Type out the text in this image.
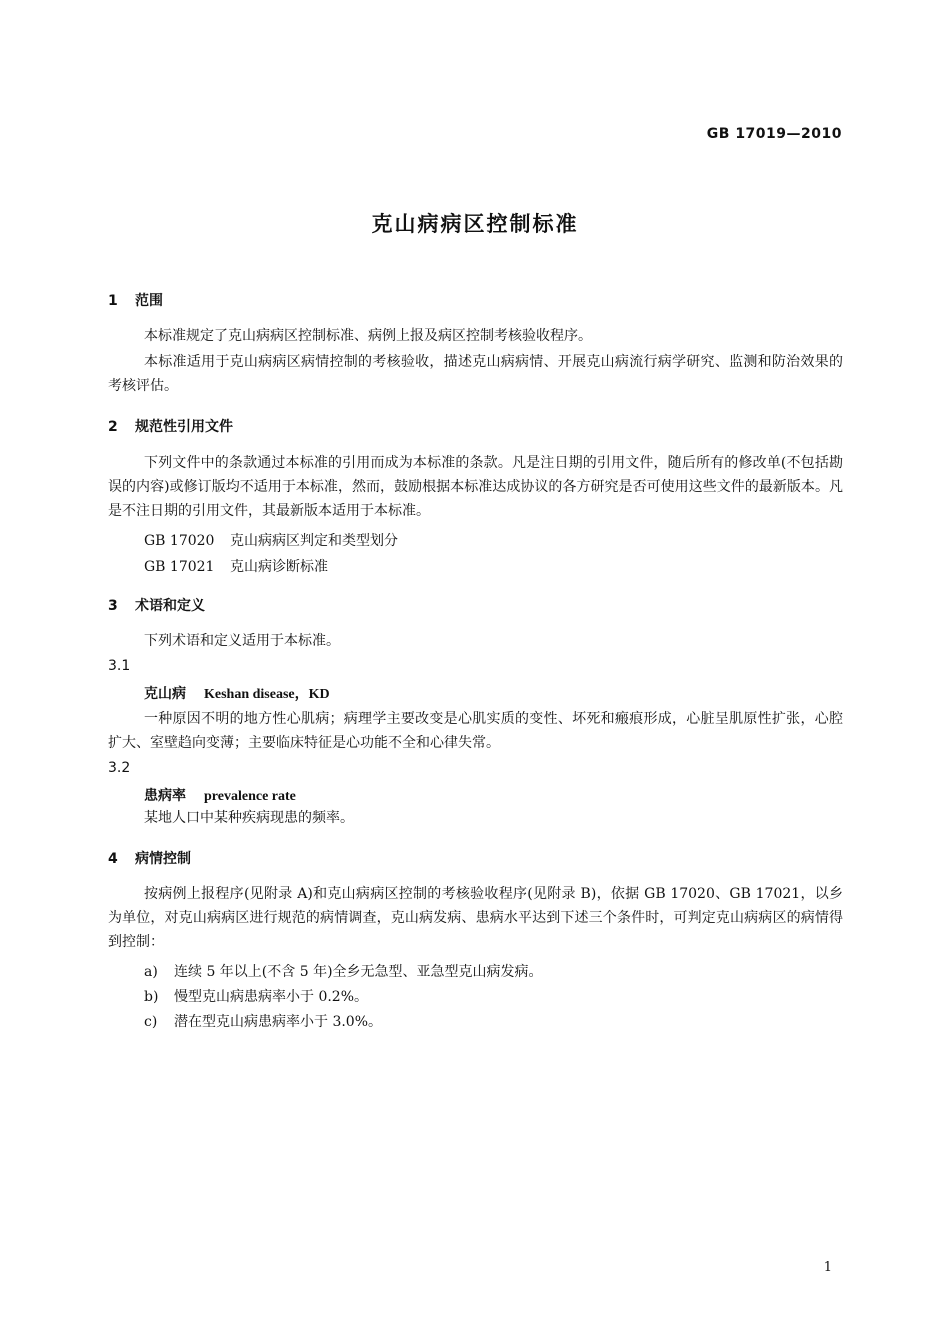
GB 17019—2010
克山病病区控制标准
1 范围
本标准规定了克山病病区控制标准、病例上报及病区控制考核验收程序。
本标准适用于克山病病区病情控制的考核验收，描述克山病病情、开展克山病流行病学研究、监测和防治效果的考核评估。
2 规范性引用文件
下列文件中的条款通过本标准的引用而成为本标准的条款。凡是注日期的引用文件，随后所有的修改单(不包括勘误的内容)或修订版均不适用于本标准，然而，鼓励根据本标准达成协议的各方研究是否可使用这些文件的最新版本。凡是不注日期的引用文件，其最新版本适用于本标准。
GB 17020 克山病病区判定和类型划分
GB 17021 克山病诊断标准
3 术语和定义
下列术语和定义适用于本标准。
3.1
克山病 Keshan disease，KD
一种原因不明的地方性心肌病；病理学主要改变是心肌实质的变性、坏死和瘢痕形成，心脏呈肌原性扩张，心腔扩大、室壁趋向变薄；主要临床特征是心功能不全和心律失常。
3.2
患病率 prevalence rate
某地人口中某种疾病现患的频率。
4 病情控制
按病例上报程序(见附录 A)和克山病病区控制的考核验收程序(见附录 B)，依据 GB 17020、GB 17021，以乡为单位，对克山病病区进行规范的病情调查，克山病发病、患病水平达到下述三个条件时，可判定克山病病区的病情得到控制：
a) 连续 5 年以上(不含 5 年)全乡无急型、亚急型克山病发病。
b) 慢型克山病患病率小于 0.2%。
c) 潜在型克山病患病率小于 3.0%。
1
